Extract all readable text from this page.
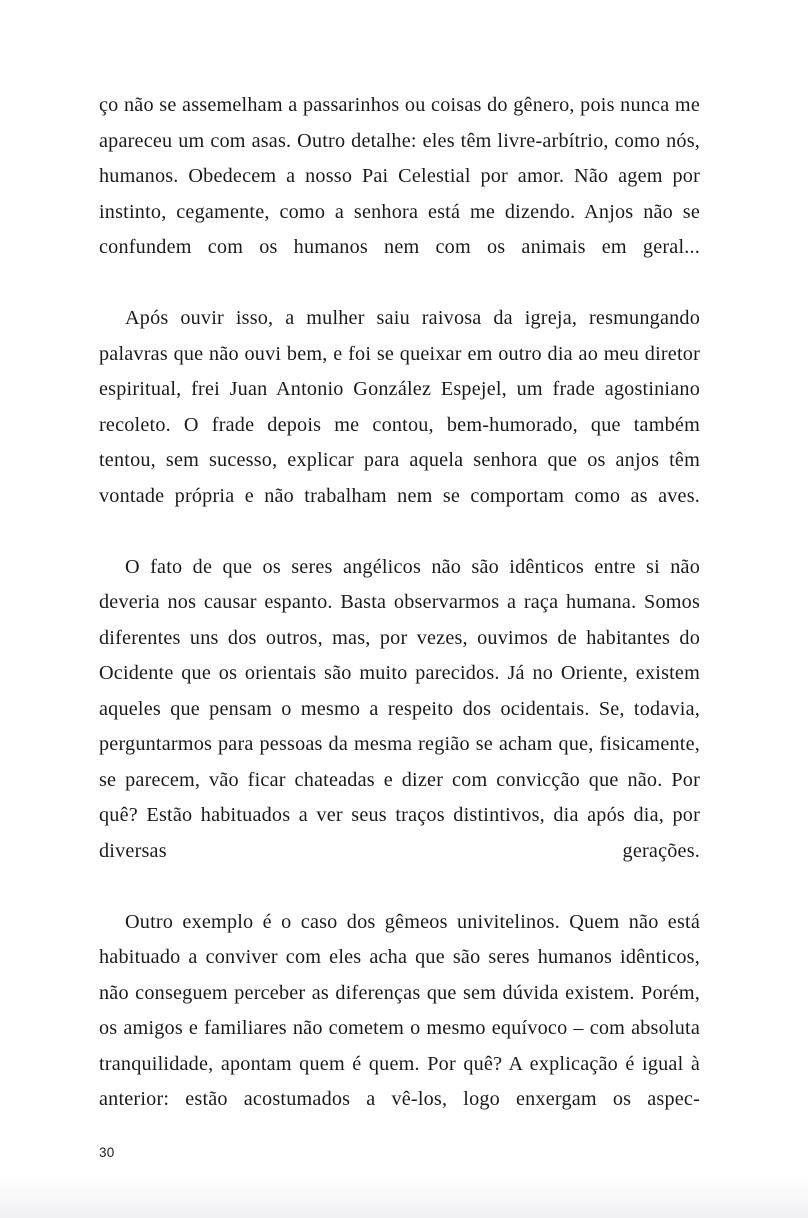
ço não se assemelham a passarinhos ou coisas do gênero, pois nunca me apareceu um com asas. Outro detalhe: eles têm livre-arbítrio, como nós, humanos. Obedecem a nosso Pai Celestial por amor. Não agem por instinto, cegamente, como a senhora está me dizendo. Anjos não se confundem com os humanos nem com os animais em geral...

Após ouvir isso, a mulher saiu raivosa da igreja, resmungando palavras que não ouvi bem, e foi se queixar em outro dia ao meu diretor espiritual, frei Juan Antonio González Espejel, um frade agostiniano recoleto. O frade depois me contou, bem-humorado, que também tentou, sem sucesso, explicar para aquela senhora que os anjos têm vontade própria e não trabalham nem se comportam como as aves.

O fato de que os seres angélicos não são idênticos entre si não deveria nos causar espanto. Basta observarmos a raça humana. Somos diferentes uns dos outros, mas, por vezes, ouvimos de habitantes do Ocidente que os orientais são muito parecidos. Já no Oriente, existem aqueles que pensam o mesmo a respeito dos ocidentais. Se, todavia, perguntarmos para pessoas da mesma região se acham que, fisicamente, se parecem, vão ficar chateadas e dizer com convicção que não. Por quê? Estão habituados a ver seus traços distintivos, dia após dia, por diversas gerações.

Outro exemplo é o caso dos gêmeos univitelinos. Quem não está habituado a conviver com eles acha que são seres humanos idênticos, não conseguem perceber as diferenças que sem dúvida existem. Porém, os amigos e familiares não cometem o mesmo equívoco – com absoluta tranquilidade, apontam quem é quem. Por quê? A explicação é igual à anterior: estão acostumados a vê-los, logo enxergam os aspec-

30
